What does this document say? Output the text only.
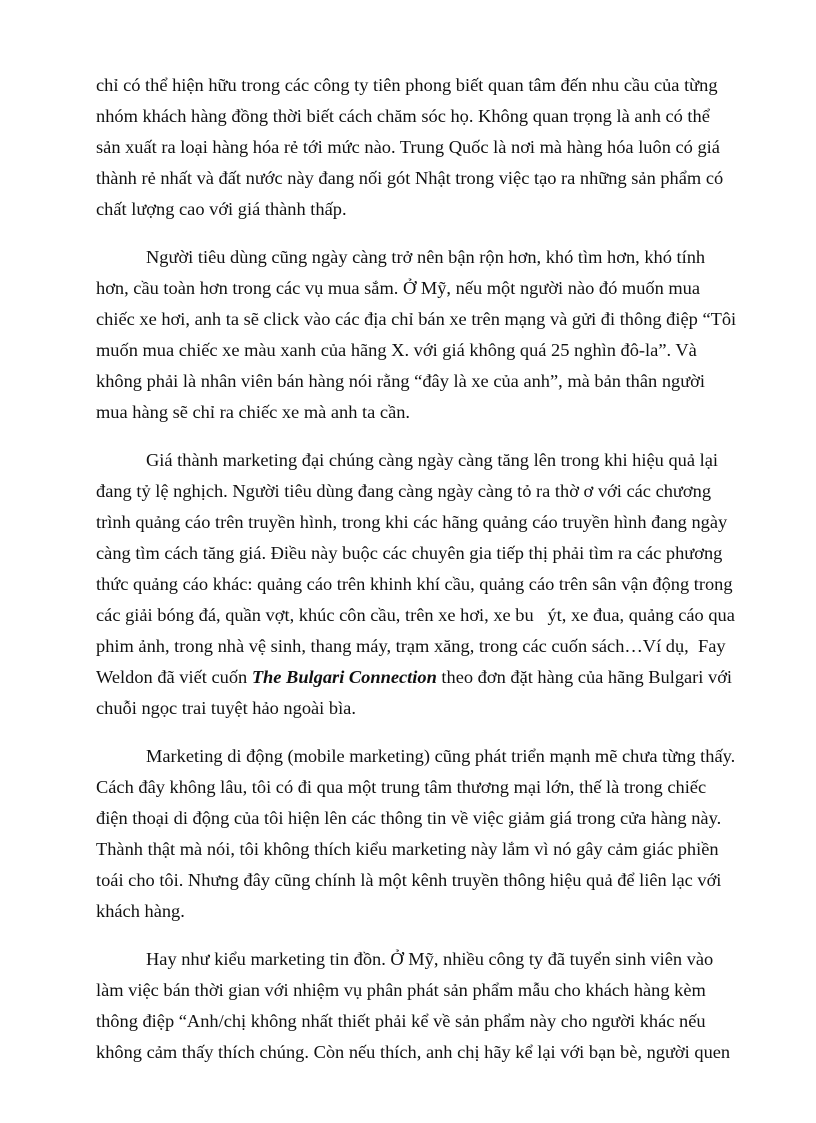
chỉ có thể hiện hữu trong các công ty tiên phong biết quan tâm đến nhu cầu của từng
nhóm khách hàng đồng thời biết cách chăm sóc họ. Không quan trọng là anh có thể
sản xuất ra loại hàng hóa rẻ tới mức nào. Trung Quốc là nơi mà hàng hóa luôn có giá
thành rẻ nhất và đất nước này đang nối gót Nhật trong việc tạo ra những sản phẩm có
chất lượng cao với giá thành thấp.
Người tiêu dùng cũng ngày càng trở nên bận rộn hơn, khó tìm hơn, khó tính
hơn, cầu toàn hơn trong các vụ mua sắm. Ở Mỹ, nếu một người nào đó muốn mua
chiếc xe hơi, anh ta sẽ click vào các địa chỉ bán xe trên mạng và gửi đi thông điệp “Tôi
muốn mua chiếc xe màu xanh của hãng X. với giá không quá 25 nghìn đô-la”. Và
không phải là nhân viên bán hàng nói rằng “đây là xe của anh”, mà bản thân người
mua hàng sẽ chỉ ra chiếc xe mà anh ta cần.
Giá thành marketing đại chúng càng ngày càng tăng lên trong khi hiệu quả lại
đang tỷ lệ nghịch. Người tiêu dùng đang càng ngày càng tỏ ra thờ ơ với các chương
trình quảng cáo trên truyền hình, trong khi các hãng quảng cáo truyền hình đang ngày
càng tìm cách tăng giá. Điều này buộc các chuyên gia tiếp thị phải tìm ra các phương
thức quảng cáo khác: quảng cáo trên khinh khí cầu, quảng cáo trên sân vận động trong
các giải bóng đá, quần vợt, khúc côn cầu, trên xe hơi, xe bu   ýt, xe đua, quảng cáo qua
phim ảnh, trong nhà vệ sinh, thang máy, trạm xăng, trong các cuốn sách…Ví dụ,  Fay
Weldon đã viết cuốn The Bulgari Connection theo đơn đặt hàng của hãng Bulgari với
chuỗi ngọc trai tuyệt hảo ngoài bìa.
Marketing di động (mobile marketing) cũng phát triển mạnh mẽ chưa từng thấy.
Cách đây không lâu, tôi có đi qua một trung tâm thương mại lớn, thế là trong chiếc
điện thoại di động của tôi hiện lên các thông tin về việc giảm giá trong cửa hàng này.
Thành thật mà nói, tôi không thích kiểu marketing này lắm vì nó gây cảm giác phiền
toái cho tôi. Nhưng đây cũng chính là một kênh truyền thông hiệu quả để liên lạc với
khách hàng.
Hay như kiểu marketing tin đồn. Ở Mỹ, nhiều công ty đã tuyển sinh viên vào
làm việc bán thời gian với nhiệm vụ phân phát sản phẩm mẫu cho khách hàng kèm
thông điệp “Anh/chị không nhất thiết phải kể về sản phẩm này cho người khác nếu
không cảm thấy thích chúng. Còn nếu thích, anh chị hãy kể lại với bạn bè, người quen
